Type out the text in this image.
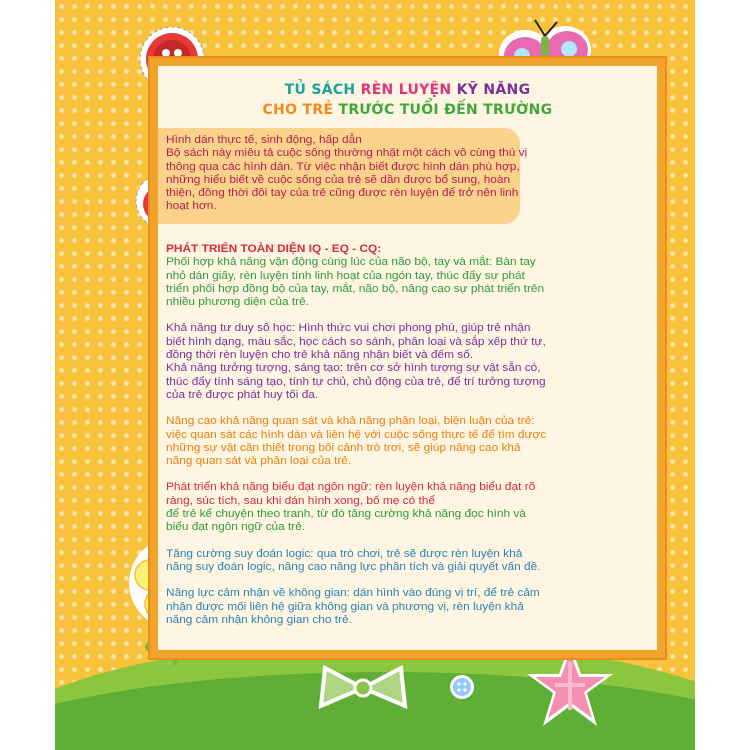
TỦ SÁCH RÈN LUYỆN KỸ NĂNG
CHO TRẺ TRƯỚC TUỔI ĐẾN TRƯỜNG

Hình dán thực tế, sinh động, hấp dẫn

Bộ sách này miêu tả cuộc sống thường nhật một cách vô cùng thú vị thông qua các hình dán. Từ việc nhận biết được hình dán phù hợp, những hiểu biết về cuộc sống của trẻ sẽ dần được bổ sung, hoàn thiện, đồng thời đôi tay của trẻ cũng được rèn luyện để trở nên linh hoạt hơn.

PHÁT TRIỂN TOÀN DIỆN IQ - EQ - CQ:

Phối hợp khả năng vận động cùng lúc của não bộ, tay và mắt: Bàn tay nhỏ dán giấy, rèn luyện tính linh hoạt của ngón tay, thúc đẩy sự phát triển phối hợp đồng bộ của tay, mắt, não bộ, nâng cao sự phát triển trên nhiều phương diện của trẻ.

Khả năng tư duy số học: Hình thức vui chơi phong phú, giúp trẻ nhận biết hình dạng, màu sắc, học cách so sánh, phân loại và sắp xếp thứ tự, đồng thời rèn luyện cho trẻ khả năng nhận biết và đếm số.

Khả năng tưởng tượng, sáng tạo: trên cơ sở hình tượng sự vật sẵn có, thúc đẩy tính sáng tạo, tính tự chủ, chủ động của trẻ, để trí tưởng tượng của trẻ được phát huy tối đa.

Nâng cao khả năng quan sát và khả năng phân loại, biện luận của trẻ: việc quan sát các hình dán và liên hệ với cuộc sống thực tế để tìm được những sự vật cần thiết trong bối cảnh trò trơi, sẽ giúp nâng cao khả năng quan sát và phân loại của trẻ.

Phát triển khả năng biểu đạt ngôn ngữ: rèn luyện khả năng biểu đạt rõ ràng, súc tích, sau khi dán hình xong, bố mẹ có thể

để trẻ kể chuyện theo tranh, từ đó tăng cường khả năng đọc hình và biểu đạt ngôn ngữ của trẻ.

Tăng cường suy đoán logic: qua trò chơi, trẻ sẽ được rèn luyện khả năng suy đoán logic, nâng cao năng lực phân tích và giải quyết vấn đề.

Năng lực cảm nhận về không gian: dán hình vào đúng vị trí, để trẻ cảm nhận được mối liên hệ giữa không gian và phương vị, rèn luyện khả năng cảm nhận không gian cho trẻ.
